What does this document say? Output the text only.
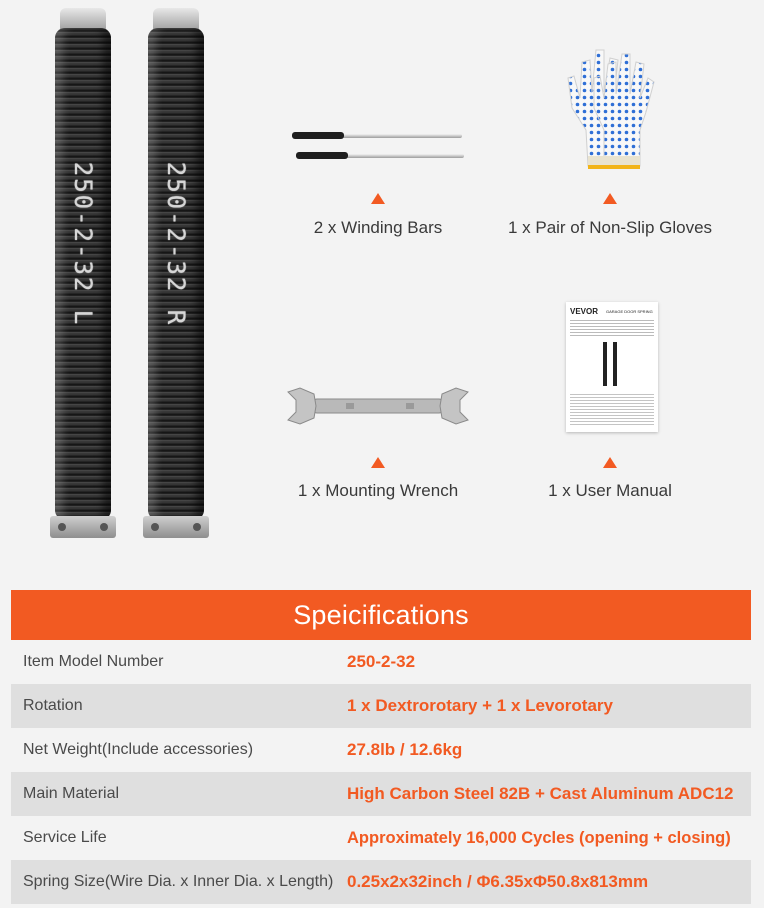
250-2-32 L	250-2-32 R	2 x Winding Bars	1 x Pair of Non-Slip Gloves
1 x Mounting Wrench
VEVOR GARAGE DOOR SPRING
1 x User Manual
Speicifications
Item Model Number	250-2-32
Rotation	1 x Dextrorotary + 1 x Levorotary
Net Weight(Include accessories)	27.8lb / 12.6kg
Main Material	High Carbon Steel 82B + Cast Aluminum ADC12
Service Life	Approximately 16,000 Cycles (opening + closing)
Spring Size(Wire Dia. x Inner Dia. x Length) 0.25x2x32inch / Φ6.35xΦ50.8x813mm
